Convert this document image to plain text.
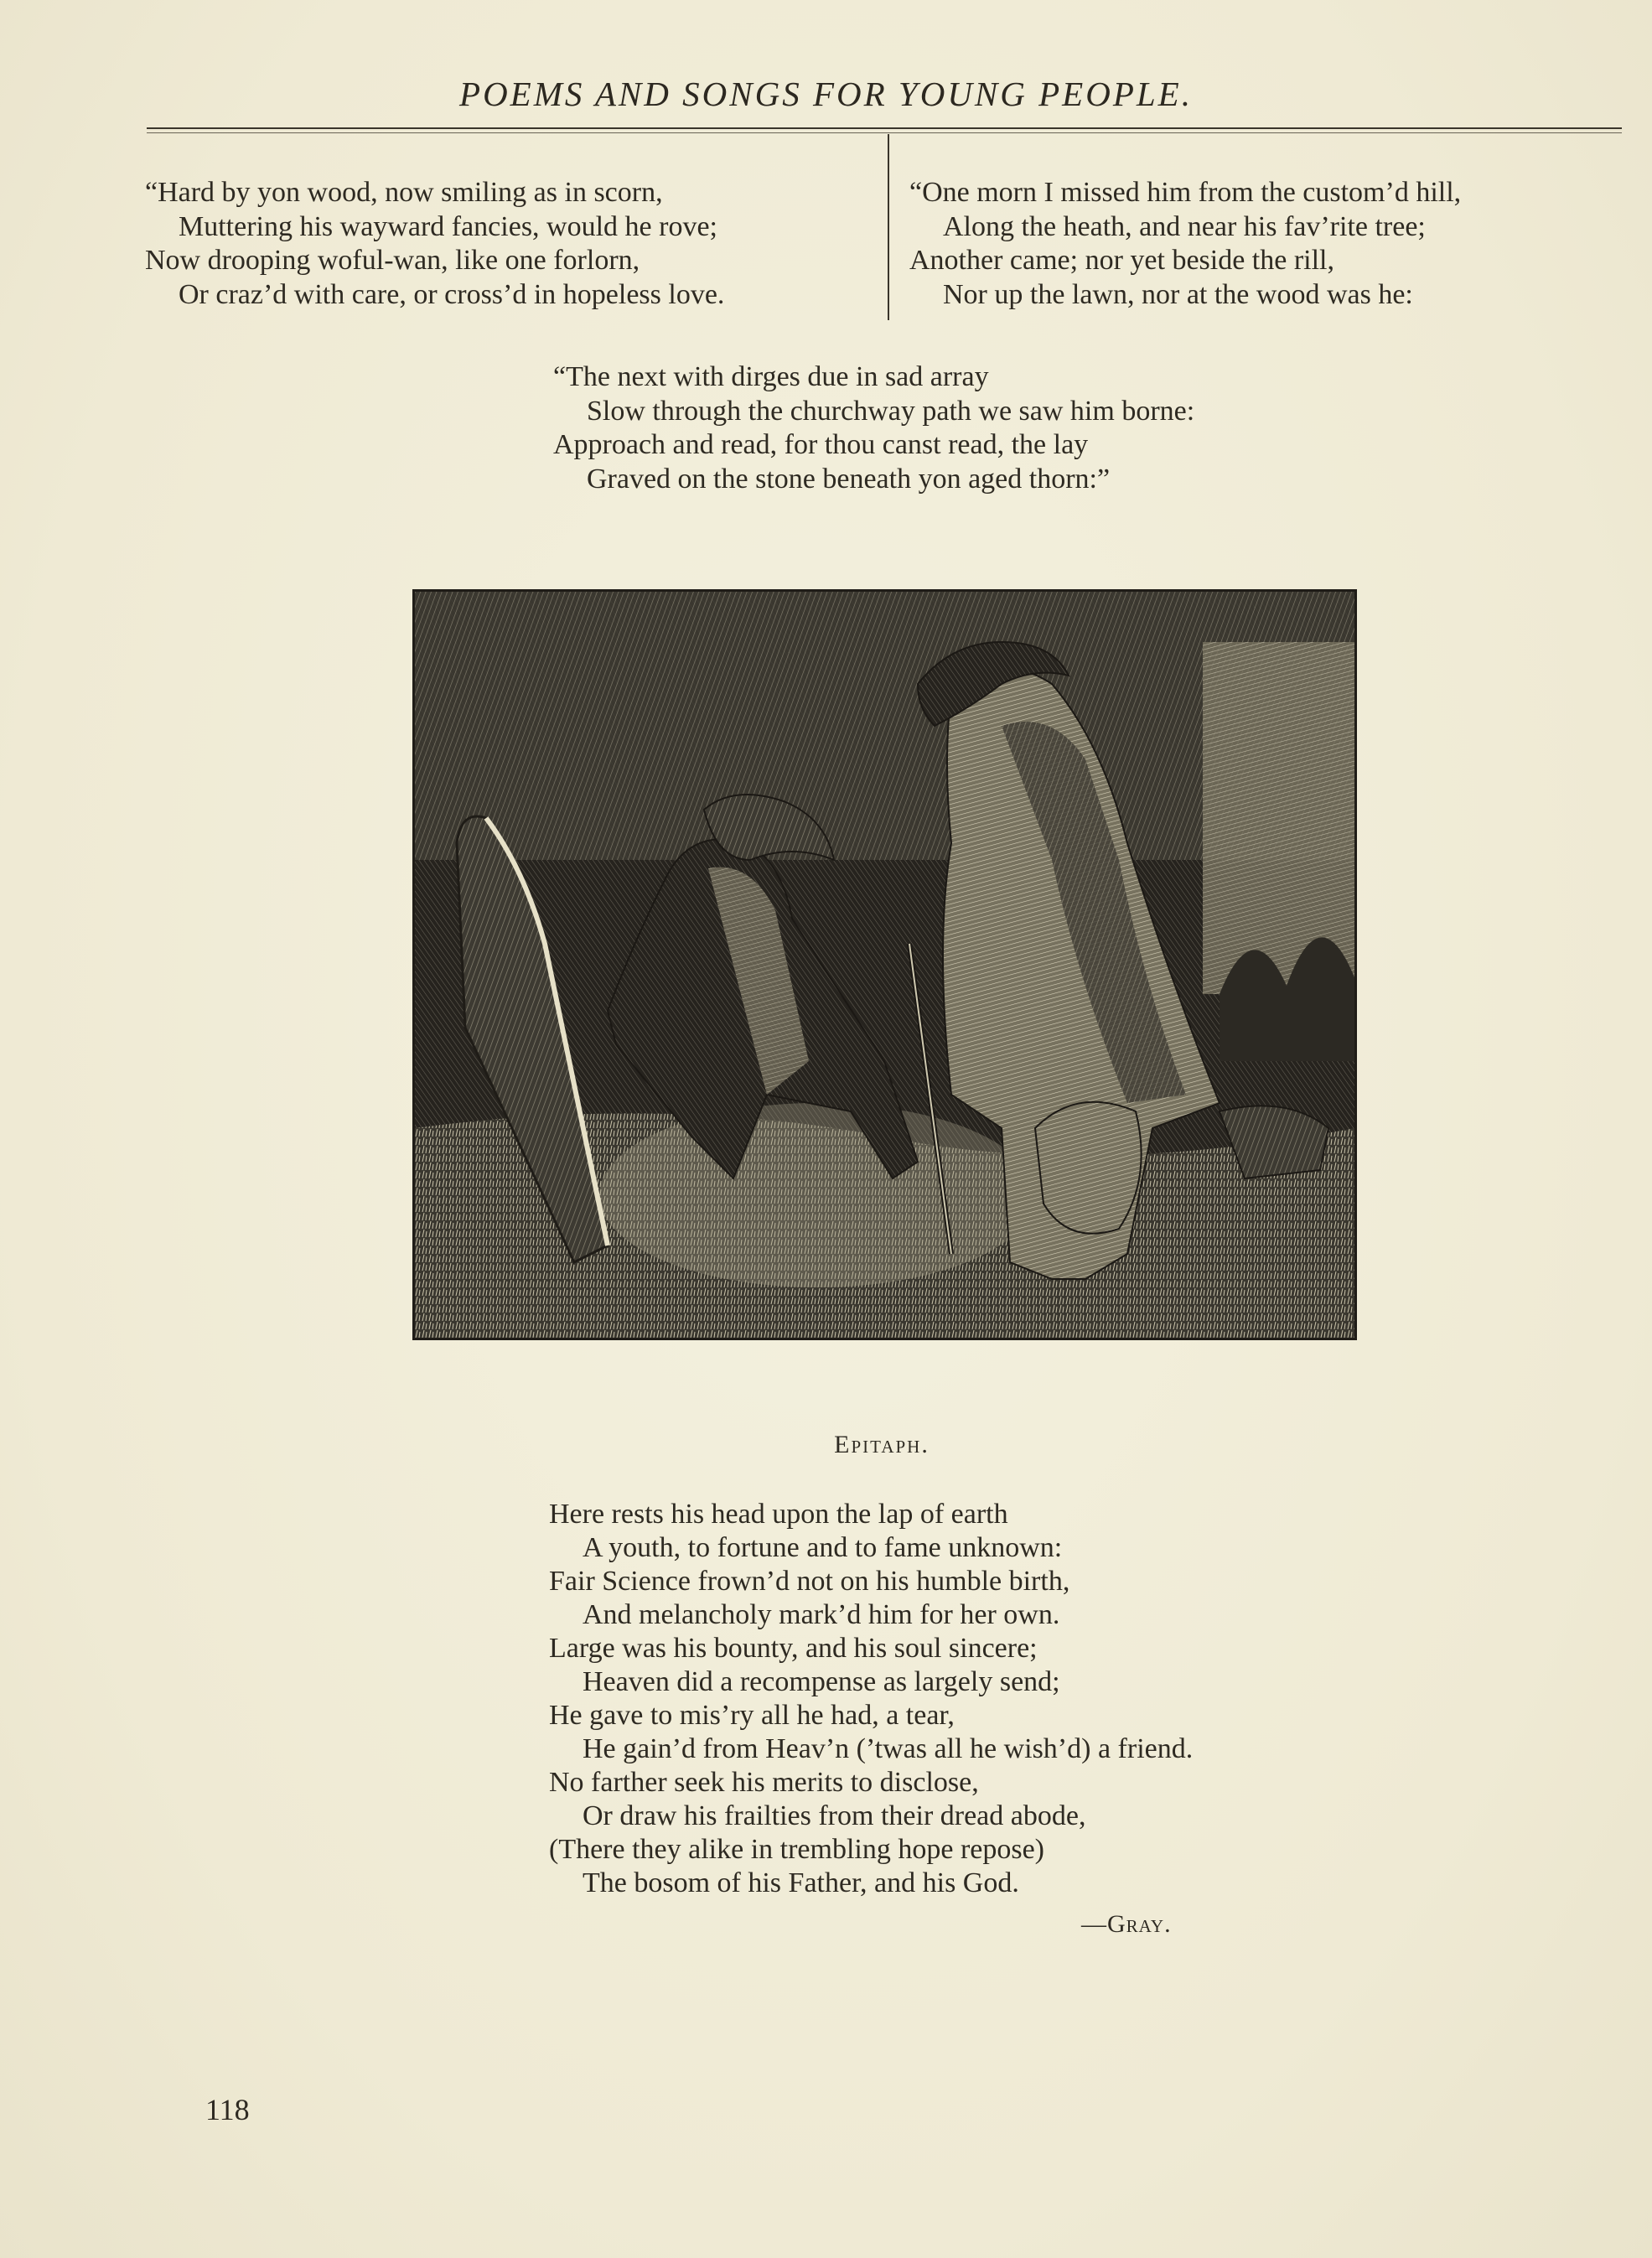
POEMS AND SONGS FOR YOUNG PEOPLE.
“Hard by yon wood, now smiling as in scorn,
Muttering his wayward fancies, would he rove;
Now drooping woful-wan, like one forlorn,
Or craz’d with care, or cross’d in hopeless love.
“One morn I missed him from the custom’d hill,
Along the heath, and near his fav’rite tree;
Another came; nor yet beside the rill,
Nor up the lawn, nor at the wood was he:
“The next with dirges due in sad array
Slow through the churchway path we saw him borne:
Approach and read, for thou canst read, the lay
Graved on the stone beneath yon aged thorn:”
Epitaph.
Here rests his head upon the lap of earth
A youth, to fortune and to fame unknown:
Fair Science frown’d not on his humble birth,
And melancholy mark’d him for her own.
Large was his bounty, and his soul sincere;
Heaven did a recompense as largely send;
He gave to mis’ry all he had, a tear,
He gain’d from Heav’n (’twas all he wish’d) a friend.
No farther seek his merits to disclose,
Or draw his frailties from their dread abode,
(There they alike in trembling hope repose)
The bosom of his Father, and his God.
—Gray.
118
